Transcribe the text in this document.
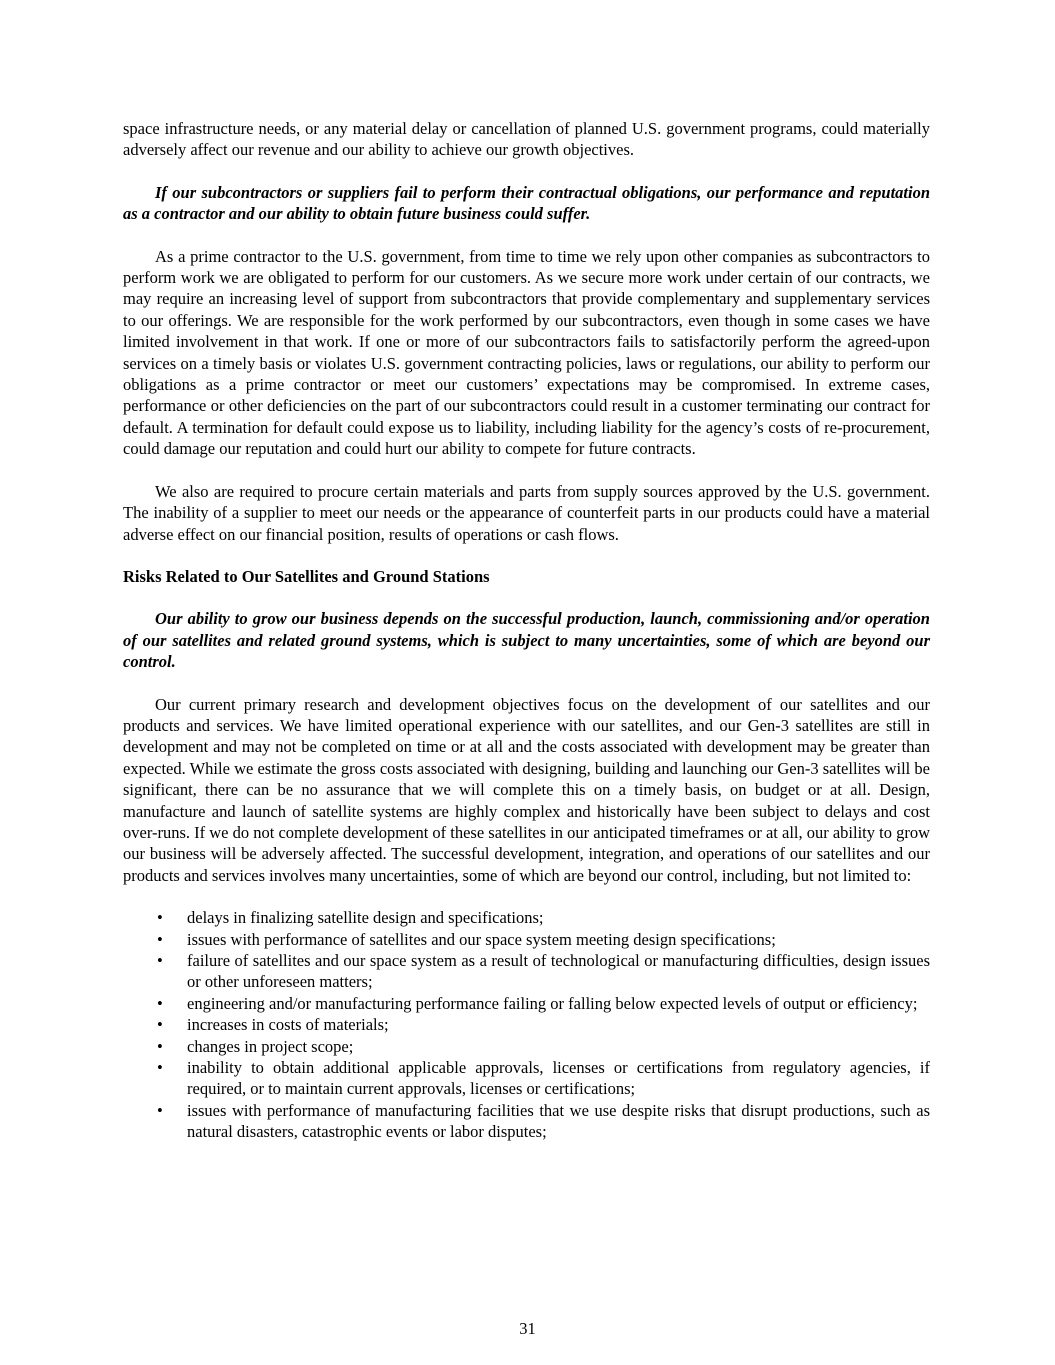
space infrastructure needs, or any material delay or cancellation of planned U.S. government programs, could materially adversely affect our revenue and our ability to achieve our growth objectives.

If our subcontractors or suppliers fail to perform their contractual obligations, our performance and reputation as a contractor and our ability to obtain future business could suffer.

As a prime contractor to the U.S. government, from time to time we rely upon other companies as subcontractors to perform work we are obligated to perform for our customers. As we secure more work under certain of our contracts, we may require an increasing level of support from subcontractors that provide complementary and supplementary services to our offerings. We are responsible for the work performed by our subcontractors, even though in some cases we have limited involvement in that work. If one or more of our subcontractors fails to satisfactorily perform the agreed-upon services on a timely basis or violates U.S. government contracting policies, laws or regulations, our ability to perform our obligations as a prime contractor or meet our customers’ expectations may be compromised. In extreme cases, performance or other deficiencies on the part of our subcontractors could result in a customer terminating our contract for default. A termination for default could expose us to liability, including liability for the agency’s costs of re-procurement, could damage our reputation and could hurt our ability to compete for future contracts.

We also are required to procure certain materials and parts from supply sources approved by the U.S. government. The inability of a supplier to meet our needs or the appearance of counterfeit parts in our products could have a material adverse effect on our financial position, results of operations or cash flows.

Risks Related to Our Satellites and Ground Stations

Our ability to grow our business depends on the successful production, launch, commissioning and/or operation of our satellites and related ground systems, which is subject to many uncertainties, some of which are beyond our control.

Our current primary research and development objectives focus on the development of our satellites and our products and services. We have limited operational experience with our satellites, and our Gen-3 satellites are still in development and may not be completed on time or at all and the costs associated with development may be greater than expected. While we estimate the gross costs associated with designing, building and launching our Gen-3 satellites will be significant, there can be no assurance that we will complete this on a timely basis, on budget or at all. Design, manufacture and launch of satellite systems are highly complex and historically have been subject to delays and cost over-runs. If we do not complete development of these satellites in our anticipated timeframes or at all, our ability to grow our business will be adversely affected. The successful development, integration, and operations of our satellites and our products and services involves many uncertainties, some of which are beyond our control, including, but not limited to:

• delays in finalizing satellite design and specifications;
• issues with performance of satellites and our space system meeting design specifications;
• failure of satellites and our space system as a result of technological or manufacturing difficulties, design issues or other unforeseen matters;
• engineering and/or manufacturing performance failing or falling below expected levels of output or efficiency;
• increases in costs of materials;
• changes in project scope;
• inability to obtain additional applicable approvals, licenses or certifications from regulatory agencies, if required, or to maintain current approvals, licenses or certifications;
• issues with performance of manufacturing facilities that we use despite risks that disrupt productions, such as natural disasters, catastrophic events or labor disputes;
31
